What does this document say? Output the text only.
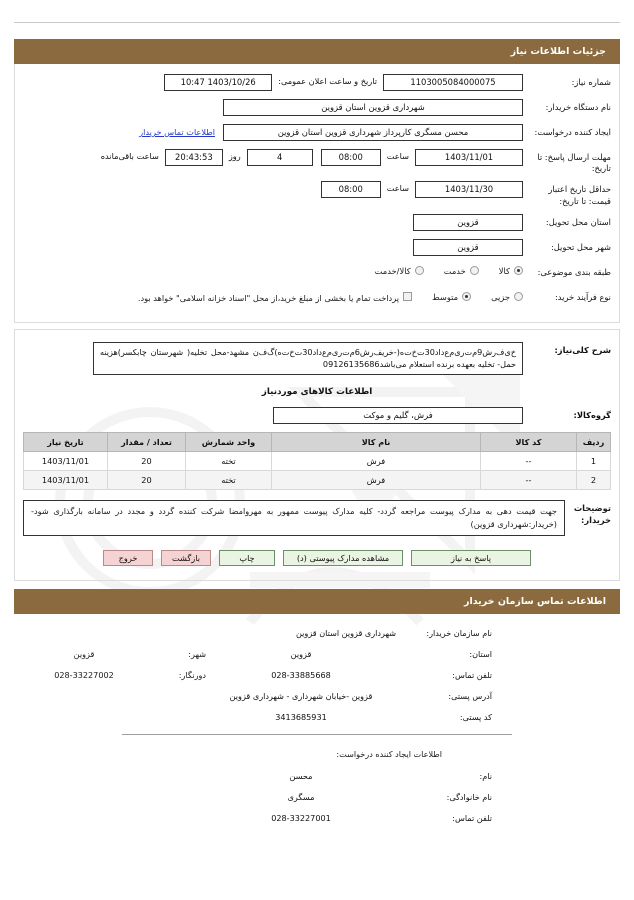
جزئیات اطلاعات نیاز
شماره نیاز:
1103005084000075
تاریخ و ساعت اعلان عمومی:
1403/10/26 10:47
نام دستگاه خریدار:
شهرداری قزوین استان قزوین
ایجاد کننده درخواست:
محسن مسگری کارپرداز شهرداری قزوین استان قزوین
اطلاعات تماس خریدار
مهلت ارسال پاسخ: تا تاریخ:
1403/11/01
ساعت
08:00
4
روز
20:43:53
ساعت باقی‌مانده
حداقل تاریخ اعتبار قیمت: تا تاریخ:
1403/11/30
ساعت
08:00
استان محل تحویل:
قزوین
شهر محل تحویل:
قزوین
طبقه بندی موضوعی:
کالا
خدمت
کالا/خدمت
نوع فرآیند خرید:
جزیی
متوسط
پرداخت تمام یا بخشی از مبلغ خرید،از محل "اسناد خزانه اسلامی" خواهد بود.
شرح کلی‌نیاز:
خ‌ی‌ف‌رش9م‌ت‌ری‌م‌ع‌داد30ت‌خ‌ت‌ه(-خریف‌رش6م‌ت‌ری‌م‌ع‌داد30ت‌خ‌ت‌ه)گ‌ف‌ن مشهد-محل تخلیه( شهرستان چابکسر)هزینه حمل- تخلیه بعهده برنده استعلام می‌باشد09126135686
اطلاعات کالاهای موردنیاز
گروه‌کالا:
فرش، گلیم و موکت
ردیف	کد کالا	نام کالا	واحد شمارش	تعداد / مقدار	تاریخ نیاز
1	--	فرش	تخته	20	1403/11/01
2	--	فرش	تخته	20	1403/11/01
توضیحات خریدار:
جهت قیمت دهی به مدارک پیوست مراجعه گردد- کلیه مدارک پیوست ممهور به مهروامضا شرکت کننده گردد و مجدد در سامانه بارگذاری شود- (خریدار:شهرداری قزوین)
پاسخ به نیاز
مشاهده مدارک پیوستی (د)
چاپ
بازگشت
خروج
اطلاعات تماس سازمان خریدار
نام سازمان خریدار:
شهرداری قزوین استان قزوین
استان:
قزوین
شهر:
قزوین
تلفن تماس:
028-33885668
دورنگار:
028-33227002
آدرس پستی:
قزوین -خیابان شهرداری - شهرداری قزوین
کد پستی:
3413685931
اطلاعات ایجاد کننده درخواست:
نام:
محسن
نام خانوادگی:
مسگری
تلفن تماس:
028-33227001
